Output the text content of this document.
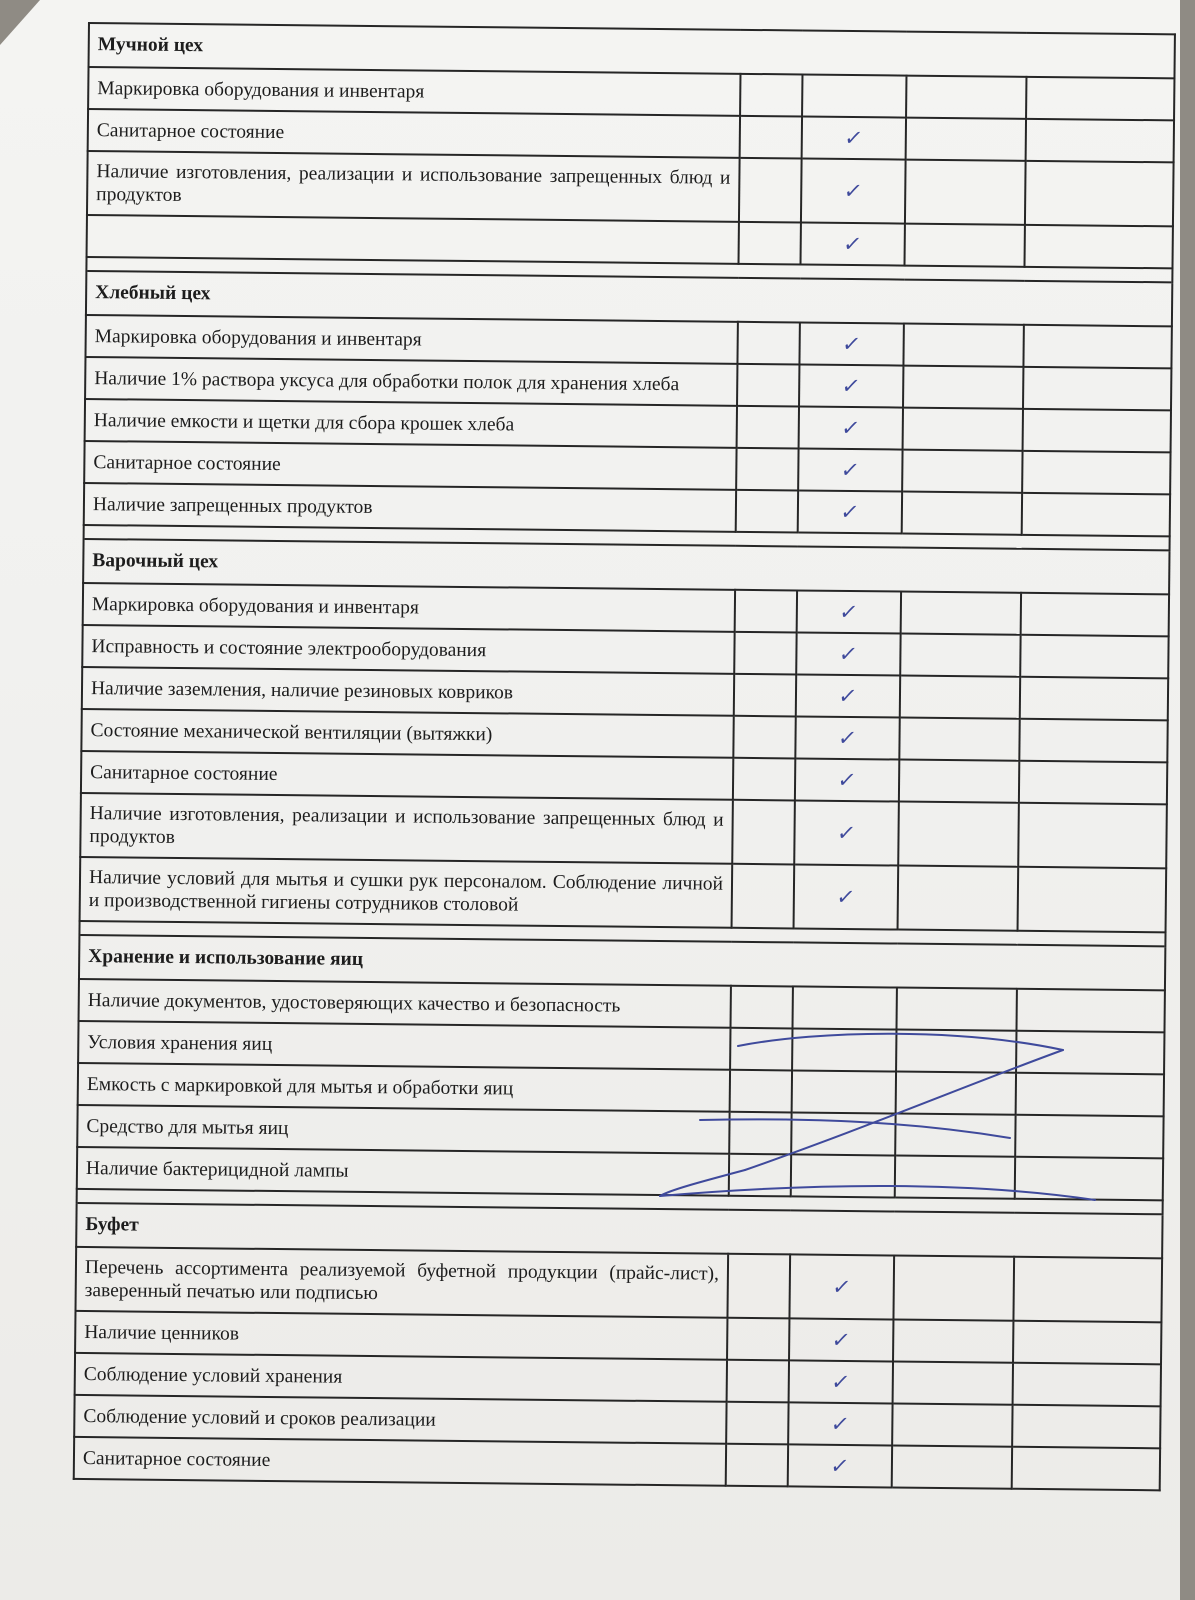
Мучной цех				
Маркировка оборудования и инвентаря				
Санитарное состояние		✓		
Наличие изготовления, реализации и использование запрещенных блюд и продуктов		✓		
		✓		

Хлебный цех				
Маркировка оборудования и инвентаря		✓		
Наличие 1% раствора уксуса для обработки полок для хранения хлеба		✓		
Наличие емкости и щетки для сбора крошек хлеба		✓		
Санитарное состояние		✓		
Наличие запрещенных продуктов		✓		

Варочный цех				
Маркировка оборудования и инвентаря		✓		
Исправность и состояние электрооборудования		✓		
Наличие заземления, наличие резиновых ковриков		✓		
Состояние механической вентиляции (вытяжки)		✓		
Санитарное состояние		✓		
Наличие изготовления, реализации и использование запрещенных блюд и продуктов		✓		
Наличие условий для мытья и сушки рук персоналом. Соблюдение личной и производственной гигиены сотрудников столовой		✓		

Хранение и использование яиц				
Наличие документов, удостоверяющих качество и безопасность				
Условия хранения яиц				
Емкость с маркировкой для мытья и обработки яиц				
Средство для мытья яиц				
Наличие бактерицидной лампы				

Буфет				
Перечень ассортимента реализуемой буфетной продукции (прайс-лист), заверенный печатью или подписью		✓		
Наличие ценников		✓		
Соблюдение условий хранения		✓		
Соблюдение условий и сроков реализации		✓		
Санитарное состояние		✓		
